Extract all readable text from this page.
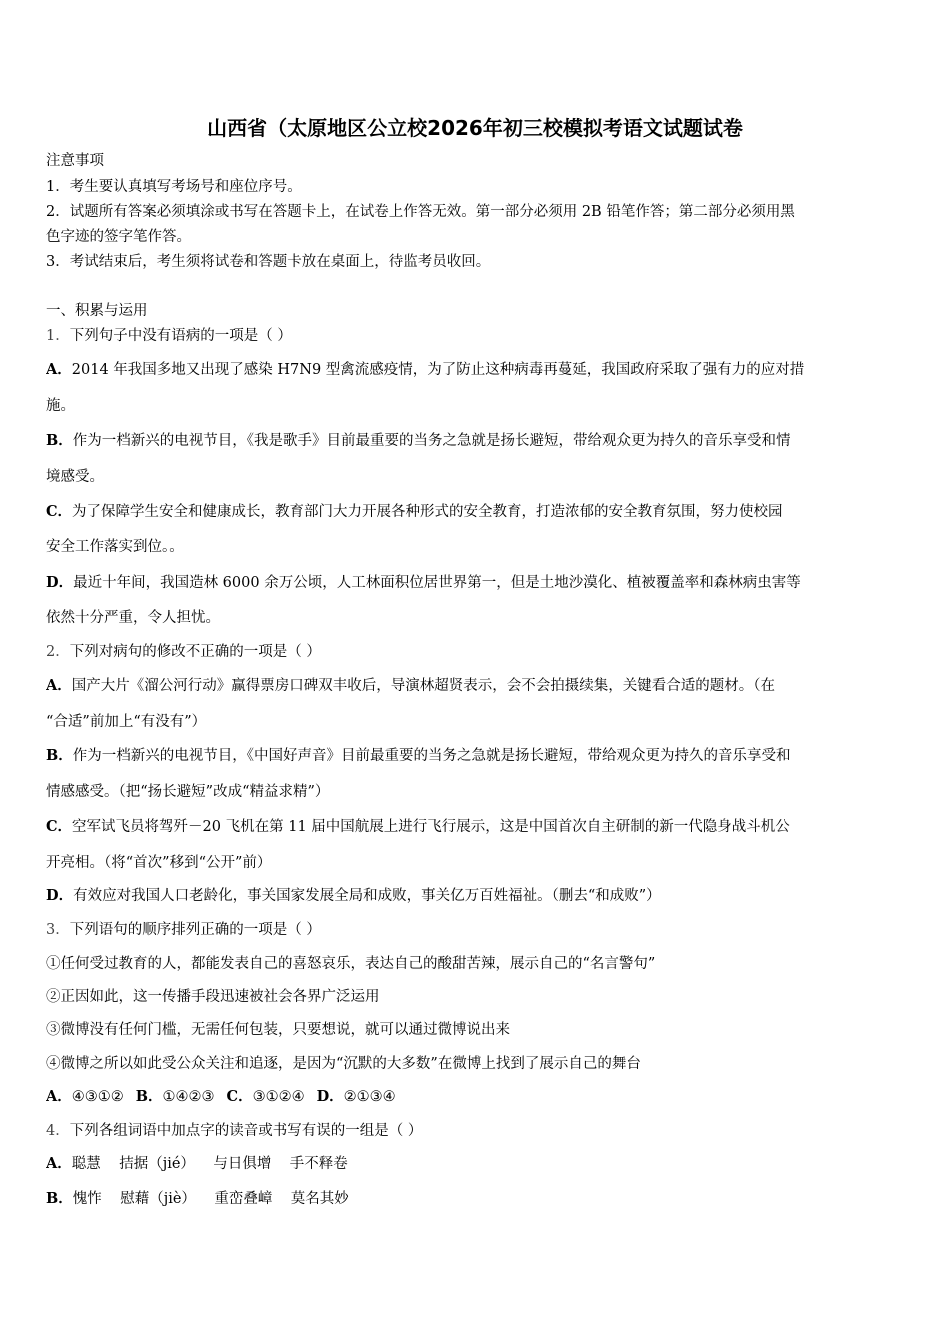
山西省（太原地区公立校2026年初三校模拟考语文试题试卷
注意事项
1．考生要认真填写考场号和座位序号。
2．试题所有答案必须填涂或书写在答题卡上，在试卷上作答无效。第一部分必须用 2B 铅笔作答；第二部分必须用黑
色字迹的签字笔作答。
3．考试结束后，考生须将试卷和答题卡放在桌面上，待监考员收回。
一、积累与运用
1．下列句子中没有语病的一项是（ ）
A．2014 年我国多地又出现了感染 H7N9 型禽流感疫情，为了防止这种病毒再蔓延，我国政府采取了强有力的应对措
施。
B．作为一档新兴的电视节目，《我是歌手》目前最重要的当务之急就是扬长避短，带给观众更为持久的音乐享受和情
境感受。
C．为了保障学生安全和健康成长，教育部门大力开展各种形式的安全教育，打造浓郁的安全教育氛围，努力使校园
安全工作落实到位。。
D．最近十年间，我国造林 6000 余万公顷，人工林面积位居世界第一，但是土地沙漠化、植被覆盖率和森林病虫害等
依然十分严重，令人担忧。
2．下列对病句的修改不正确的一项是（ ）
A．国产大片《溜公河行动》赢得票房口碑双丰收后，导演林超贤表示，会不会拍摄续集，关键看合适的题材。（在
“合适”前加上“有没有”）
B．作为一档新兴的电视节目，《中国好声音》目前最重要的当务之急就是扬长避短，带给观众更为持久的音乐享受和
情感感受。（把“扬长避短”改成“精益求精”）
C．空军试飞员将驾歼－20 飞机在第 11 届中国航展上进行飞行展示，这是中国首次自主研制的新一代隐身战斗机公
开亮相。（将“首次”移到“公开”前）
D．有效应对我国人口老龄化，事关国家发展全局和成败，事关亿万百姓福祉。（删去“和成败”）
3．下列语句的顺序排列正确的一项是（ ）
①任何受过教育的人，都能发表自己的喜怒哀乐，表达自己的酸甜苦辣，展示自己的“名言警句”
②正因如此，这一传播手段迅速被社会各界广泛运用
③微博没有任何门槛，无需任何包装，只要想说，就可以通过微博说出来
④微博之所以如此受公众关注和追逐，是因为“沉默的大多数”在微博上找到了展示自己的舞台
A．④③①② B．①④②③ C．③①②④ D．②①③④
4．下列各组词语中加点字的读音或书写有误的一组是（ ）
A．聪慧    拮据（jié）    与日俱增    手不释卷
B．愧怍    慰藉（jiè）    重峦叠嶂    莫名其妙
